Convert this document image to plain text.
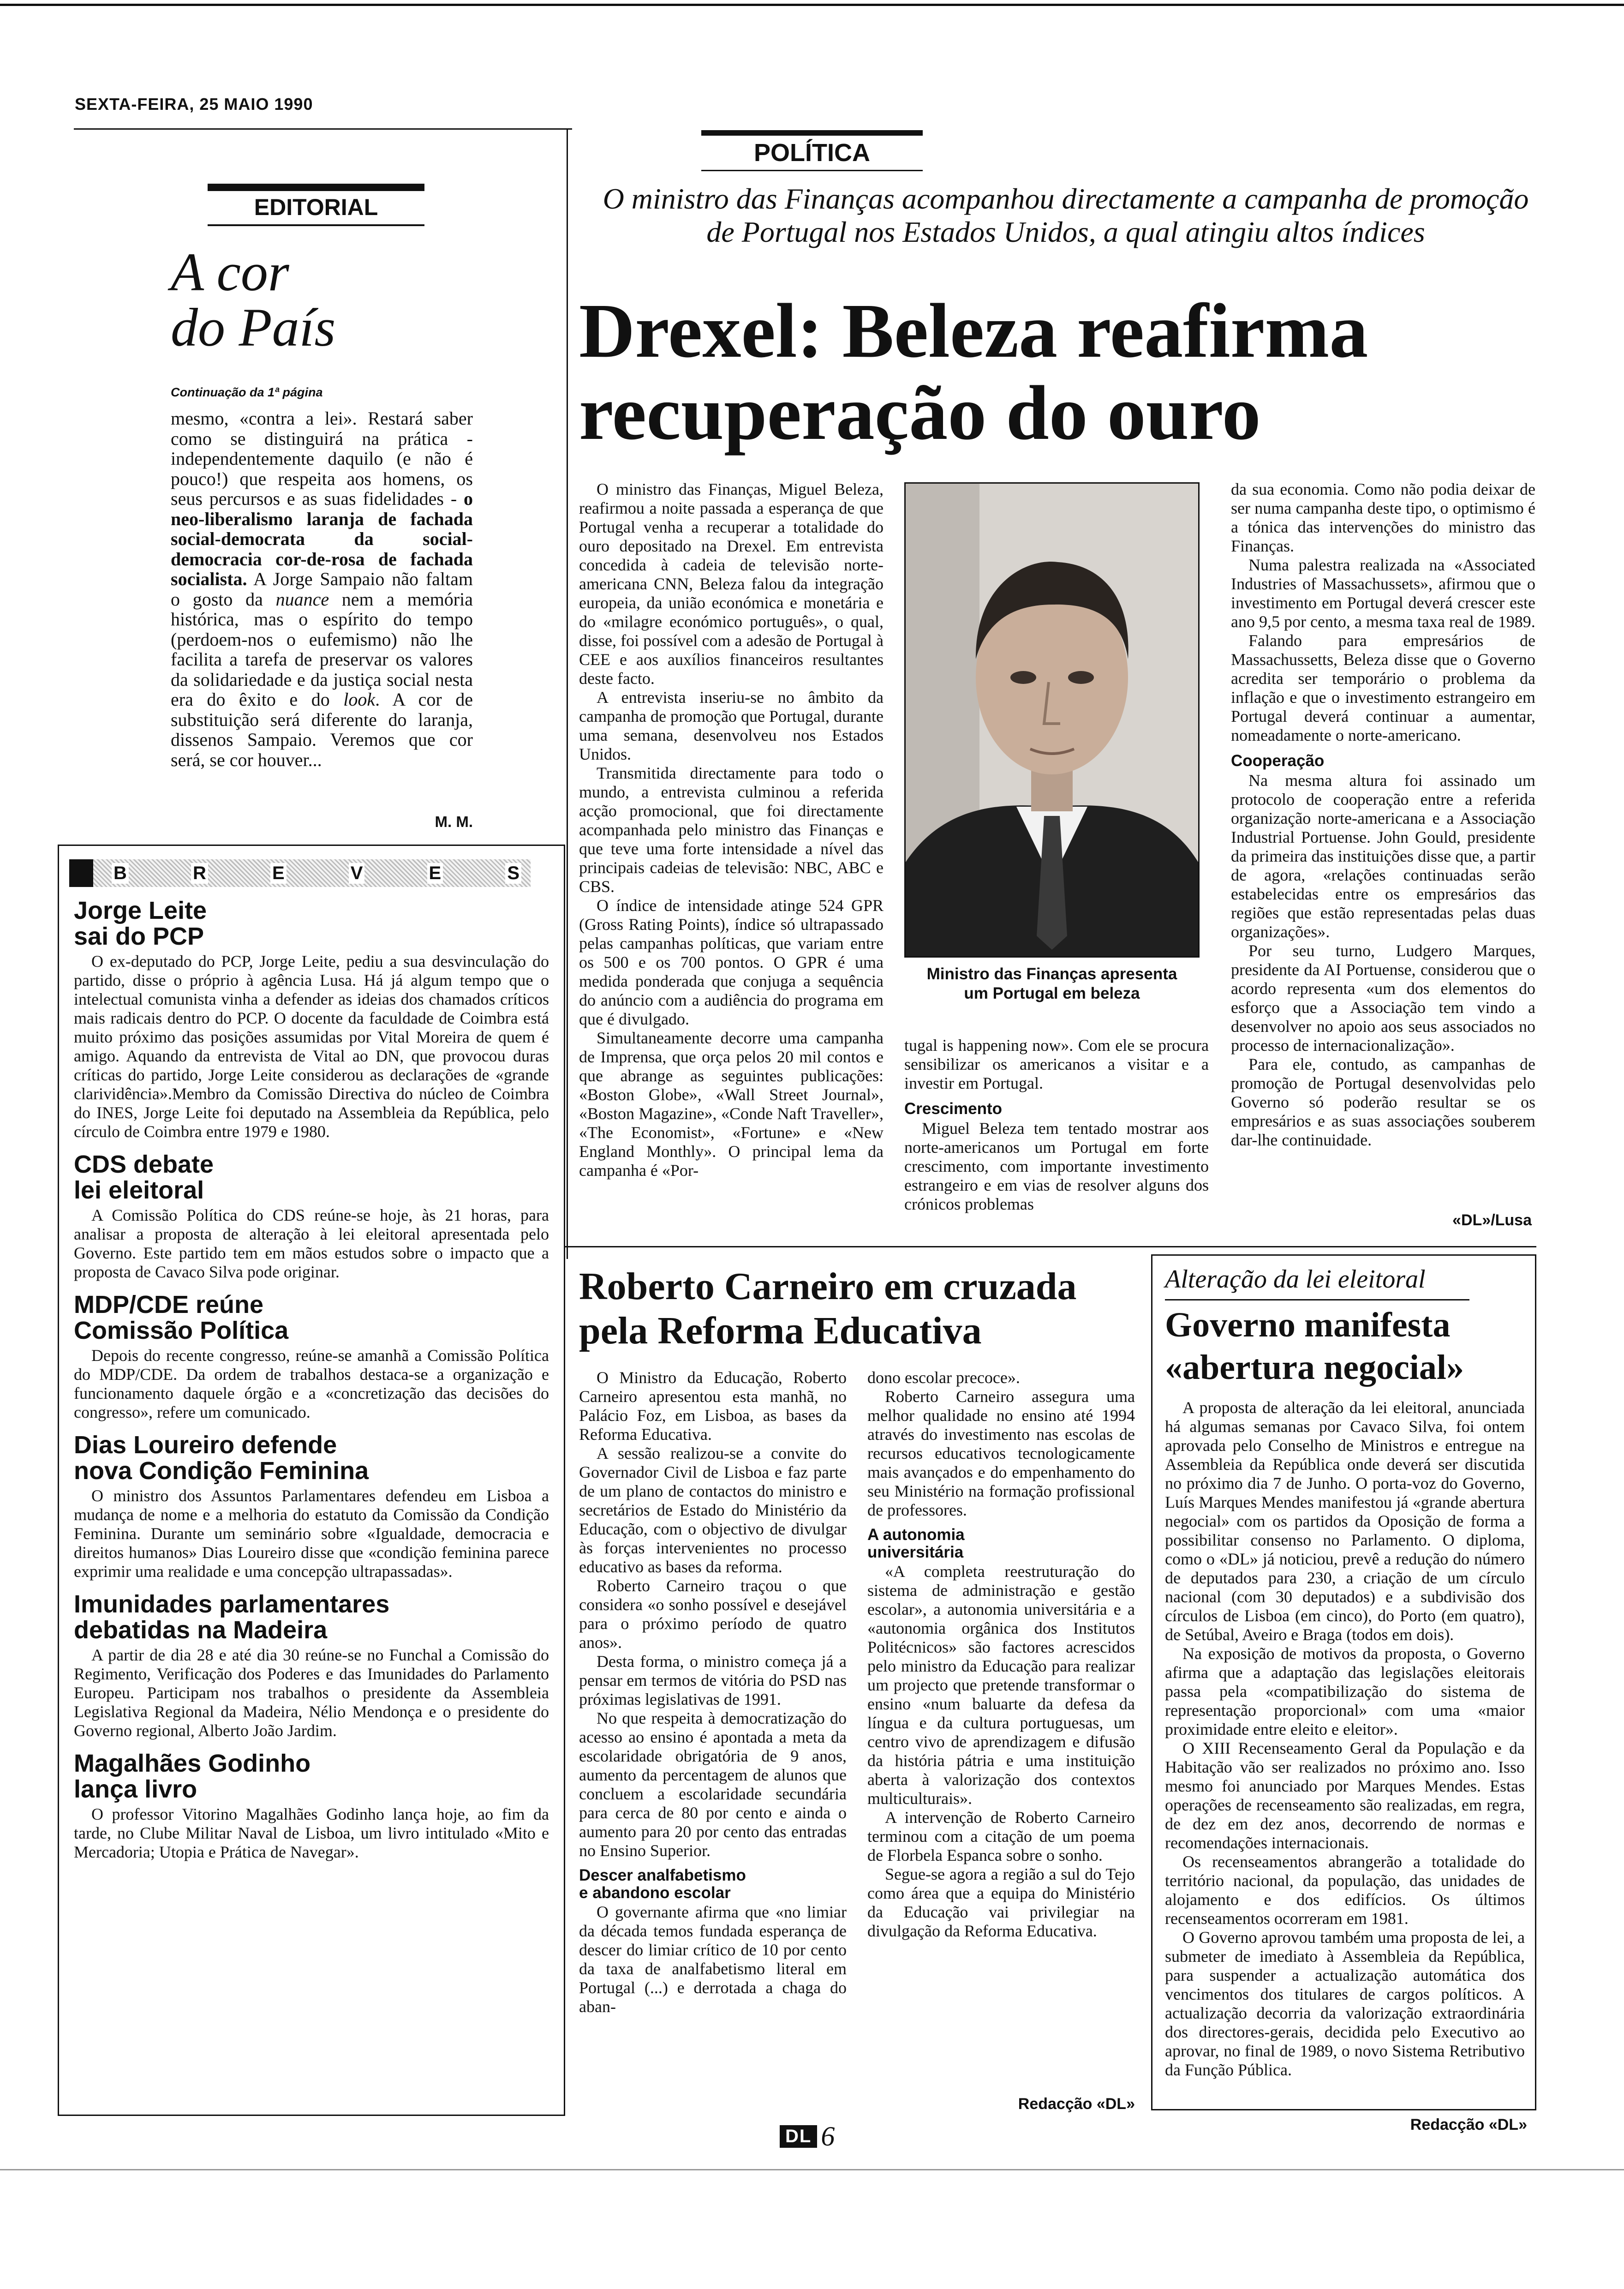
SEXTA-FEIRA, 25 MAIO 1990
POLÍTICA
EDITORIAL
A cor
do País
Continuação da 1ª página
mesmo, «contra a lei». Restará saber como se distinguirá na prática - independentemente daquilo (e não é pouco!) que respeita aos homens, os seus percursos e as suas fidelidades - o neo-liberalismo laranja de fachada social-democrata da social-democracia cor-de-rosa de fachada socialista. A Jorge Sampaio não faltam o gosto da nuance nem a memória histórica, mas o espírito do tempo (perdoem-nos o eufemismo) não lhe facilita a tarefa de preservar os valores da solidariedade e da justiça social nesta era do êxito e do look. A cor de substituição será diferente do laranja, dissenos Sampaio. Veremos que cor será, se cor houver...
M. M.
B	R	E	V	E	S
Jorge Leite
sai do PCP

O ex-deputado do PCP, Jorge Leite, pediu a sua desvinculação do partido, disse o próprio à agência Lusa. Há já algum tempo que o intelectual comunista vinha a defender as ideias dos chamados críticos mais radicais dentro do PCP. O docente da faculdade de Coimbra está muito próximo das posições assumidas por Vital Moreira de quem é amigo. Aquando da entrevista de Vital ao DN, que provocou duras críticas do partido, Jorge Leite considerou as declarações de «grande clarividência».Membro da Comissão Directiva do núcleo de Coimbra do INES, Jorge Leite foi deputado na Assembleia da República, pelo círculo de Coimbra entre 1979 e 1980.

CDS debate
lei eleitoral

A Comissão Política do CDS reúne-se hoje, às 21 horas, para analisar a proposta de alteração à lei eleitoral apresentada pelo Governo. Este partido tem em mãos estudos sobre o impacto que a proposta de Cavaco Silva pode originar.

MDP/CDE reúne
Comissão Política

Depois do recente congresso, reúne-se amanhã a Comissão Política do MDP/CDE. Da ordem de trabalhos destaca-se a organização e funcionamento daquele órgão e a «concretização das decisões do congresso», refere um comunicado.

Dias Loureiro defende
nova Condição Feminina

O ministro dos Assuntos Parlamentares defendeu em Lisboa a mudança de nome e a melhoria do estatuto da Comissão da Condição Feminina. Durante um seminário sobre «Igualdade, democracia e direitos humanos» Dias Loureiro disse que «condição feminina parece exprimir uma realidade e uma concepção ultrapassadas».

Imunidades parlamentares
debatidas na Madeira

A partir de dia 28 e até dia 30 reúne-se no Funchal a Comissão do Regimento, Verificação dos Poderes e das Imunidades do Parlamento Europeu. Participam nos trabalhos o presidente da Assembleia Legislativa Regional da Madeira, Nélio Mendonça e o presidente do Governo regional, Alberto João Jardim.

Magalhães Godinho
lança livro

O professor Vitorino Magalhães Godinho lança hoje, ao fim da tarde, no Clube Militar Naval de Lisboa, um livro intitulado «Mito e Mercadoria; Utopia e Prática de Navegar».

O ministro das Finanças acompanhou directamente a campanha de promoção de Portugal nos Estados Unidos, a qual atingiu altos índices
Drexel: Beleza reafirma
recuperação do ouro

O ministro das Finanças, Miguel Beleza, reafirmou a noite passada a esperança de que Portugal venha a recuperar a totalidade do ouro depositado na Drexel. Em entrevista concedida à cadeia de televisão norte-americana CNN, Beleza falou da integração europeia, da união económica e monetária e do «milagre económico português», o qual, disse, foi possível com a adesão de Portugal à CEE e aos auxílios financeiros resultantes deste facto.

A entrevista inseriu-se no âmbito da campanha de promoção que Portugal, durante uma semana, desenvolveu nos Estados Unidos.

Transmitida directamente para todo o mundo, a entrevista culminou a referida acção promocional, que foi directamente acompanhada pelo ministro das Finanças e que teve uma forte intensidade a nível das principais cadeias de televisão: NBC, ABC e CBS.

O índice de intensidade atinge 524 GPR (Gross Rating Points), índice só ultrapassado pelas campanhas políticas, que variam entre os 500 e os 700 pontos. O GPR é uma medida ponderada que conjuga a sequência do anúncio com a audiência do programa em que é divulgado.

Simultaneamente decorre uma campanha de Imprensa, que orça pelos 20 mil contos e que abrange as seguintes publicações: «Boston Globe», «Wall Street Journal», «Boston Magazine», «Conde Naft Traveller», «The Economist», «Fortune» e «New England Monthly». O principal lema da campanha é «Por-

Ministro das Finanças apresenta
um Portugal em beleza

tugal is happening now». Com ele se procura sensibilizar os americanos a visitar e a investir em Portugal.

Crescimento

Miguel Beleza tem tentado mostrar aos norte-americanos um Portugal em forte crescimento, com importante investimento estrangeiro e em vias de resolver alguns dos crónicos problemas

da sua economia. Como não podia deixar de ser numa campanha deste tipo, o optimismo é a tónica das intervenções do ministro das Finanças.

Numa palestra realizada na «Associated Industries of Massachussets», afirmou que o investimento em Portugal deverá crescer este ano 9,5 por cento, a mesma taxa real de 1989.

Falando para empresários de Massachussetts, Beleza disse que o Governo acredita ser temporário o problema da inflação e que o investimento estrangeiro em Portugal deverá continuar a aumentar, nomeadamente o norte-americano.

Cooperação

Na mesma altura foi assinado um protocolo de cooperação entre a referida organização norte-americana e a Associação Industrial Portuense. John Gould, presidente da primeira das instituições disse que, a partir de agora, «relações continuadas serão estabelecidas entre os empresários das regiões que estão representadas pelas duas organizações».

Por seu turno, Ludgero Marques, presidente da AI Portuense, considerou que o acordo representa «um dos elementos do esforço que a Associação tem vindo a desenvolver no apoio aos seus associados no processo de internacionalização».

Para ele, contudo, as campanhas de promoção de Portugal desenvolvidas pelo Governo só poderão resultar se os empresários e as suas associações souberem dar-lhe continuidade.

«DL»/Lusa
Roberto Carneiro em cruzada
pela Reforma Educativa

O Ministro da Educação, Roberto Carneiro apresentou esta manhã, no Palácio Foz, em Lisboa, as bases da Reforma Educativa.

A sessão realizou-se a convite do Governador Civil de Lisboa e faz parte de um plano de contactos do ministro e secretários de Estado do Ministério da Educação, com o objectivo de divulgar às forças intervenientes no processo educativo as bases da reforma.

Roberto Carneiro traçou o que considera «o sonho possível e desejável para o próximo período de quatro anos».

Desta forma, o ministro começa já a pensar em termos de vitória do PSD nas próximas legislativas de 1991.

No que respeita à democratização do acesso ao ensino é apontada a meta da escolaridade obrigatória de 9 anos, aumento da percentagem de alunos que concluem a escolaridade secundária para cerca de 80 por cento e ainda o aumento para 20 por cento das entradas no Ensino Superior.

Descer analfabetismo
e abandono escolar

O governante afirma que «no limiar da década temos fundada esperança de descer do limiar crítico de 10 por cento da taxa de analfabetismo literal em Portugal (...) e derrotada a chaga do aban-

dono escolar precoce».

Roberto Carneiro assegura uma melhor qualidade no ensino até 1994 através do investimento nas escolas de recursos educativos tecnologicamente mais avançados e do empenhamento do seu Ministério na formação profissional de professores.

A autonomia
universitária

«A completa reestruturação do sistema de administração e gestão escolar», a autonomia universitária e a «autonomia orgânica dos Institutos Politécnicos» são factores acrescidos pelo ministro da Educação para realizar um projecto que pretende transformar o ensino «num baluarte da defesa da língua e da cultura portuguesas, um centro vivo de aprendizagem e difusão da história pátria e uma instituição aberta à valorização dos contextos multiculturais».

A intervenção de Roberto Carneiro terminou com a citação de um poema de Florbela Espanca sobre o sonho.

Segue-se agora a região a sul do Tejo como área que a equipa do Ministério da Educação vai privilegiar na divulgação da Reforma Educativa.

Redacção «DL»
Alteração da lei eleitoral
Governo manifesta
«abertura negocial»

A proposta de alteração da lei eleitoral, anunciada há algumas semanas por Cavaco Silva, foi ontem aprovada pelo Conselho de Ministros e entregue na Assembleia da República onde deverá ser discutida no próximo dia 7 de Junho. O porta-voz do Governo, Luís Marques Mendes manifestou já «grande abertura negocial» com os partidos da Oposição de forma a possibilitar consenso no Parlamento. O diploma, como o «DL» já noticiou, prevê a redução do número de deputados para 230, a criação de um círculo nacional (com 30 deputados) e a subdivisão dos círculos de Lisboa (em cinco), do Porto (em quatro), de Setúbal, Aveiro e Braga (todos em dois).

Na exposição de motivos da proposta, o Governo afirma que a adaptação das legislações eleitorais passa pela «compatibilização do sistema de representação proporcional» com uma «maior proximidade entre eleito e eleitor».

O XIII Recenseamento Geral da População e da Habitação vão ser realizados no próximo ano. Isso mesmo foi anunciado por Marques Mendes. Estas operações de recenseamento são realizadas, em regra, de dez em dez anos, decorrendo de normas e recomendações internacionais.

Os recenseamentos abrangerão a totalidade do território nacional, da população, das unidades de alojamento e dos edifícios. Os últimos recenseamentos ocorreram em 1981.

O Governo aprovou também uma proposta de lei, a submeter de imediato à Assembleia da República, para suspender a actualização automática dos vencimentos dos titulares de cargos políticos. A actualização decorria da valorização extraordinária dos directores-gerais, decidida pelo Executivo ao aprovar, no final de 1989, o novo Sistema Retributivo da Função Pública.

Redacção «DL»
DL 6
